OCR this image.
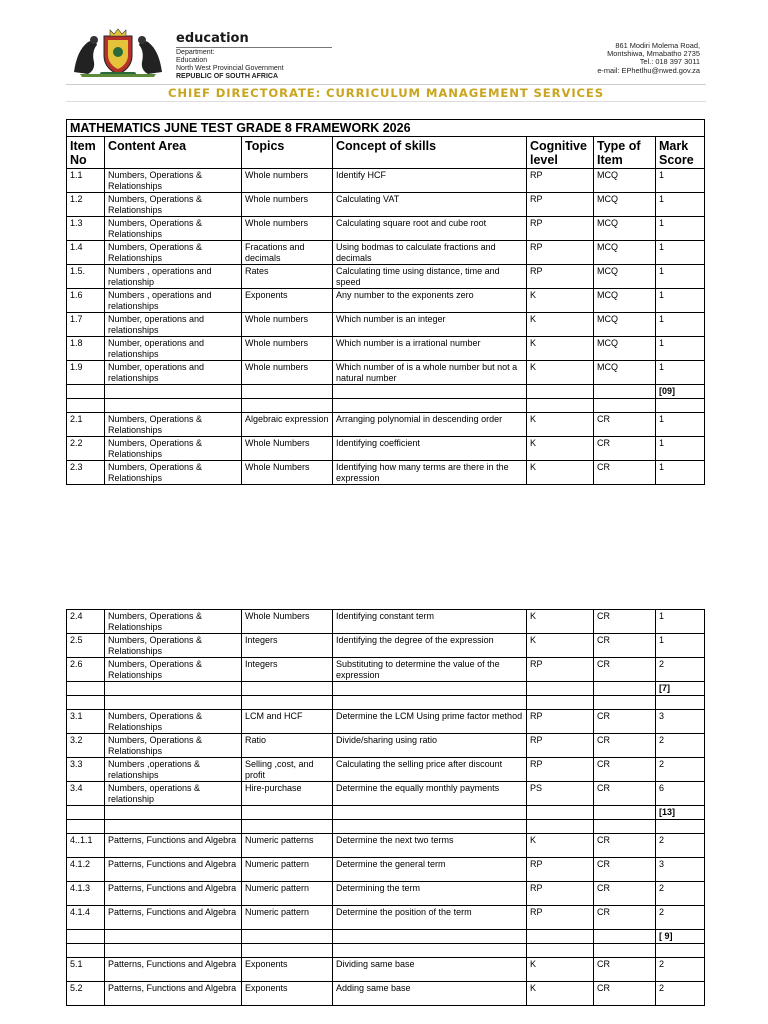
education
Department:
Education
North West Provincial Government
REPUBLIC OF SOUTH AFRICA
861 Modiri Molema Road,
Montshiwa, Mmabatho 2735
Tel.: 018 397 3011
e-mail: EPhetlhu@nwed.gov.za
CHIEF DIRECTORATE: CURRICULUM MANAGEMENT SERVICES
MATHEMATICS JUNE TEST GRADE 8 FRAMEWORK 2026						
Item No	Content Area	Topics	Concept of skills	Cognitive level	Type of Item	Mark Score
1.1	Numbers, Operations & Relationships	Whole numbers	Identify HCF	RP	MCQ	1
1.2	Numbers, Operations & Relationships	Whole numbers	Calculating VAT	RP	MCQ	1
1.3	Numbers, Operations & Relationships	Whole numbers	Calculating square root and cube root	RP	MCQ	1
1.4	Numbers, Operations & Relationships	Fracations and decimals	Using bodmas to calculate fractions and decimals	RP	MCQ	1
1.5.	Numbers , operations and relationship	Rates	Calculating time using distance, time and speed	RP	MCQ	1
1.6	Numbers , operations and relationships	Exponents	Any number to the exponents zero	K	MCQ	1
1.7	Number, operations and relationships	Whole numbers	Which number is an integer	K	MCQ	1
1.8	Number, operations and relationships	Whole numbers	Which number is a irrational number	K	MCQ	1
1.9	Number, operations and relationships	Whole numbers	Which number of is a whole number but not a natural number	K	MCQ	1
						[09]

2.1	Numbers, Operations & Relationships	Algebraic expression	Arranging polynomial in descending order	K	CR	1
2.2	Numbers, Operations & Relationships	Whole Numbers	Identifying coefficient	K	CR	1
2.3	Numbers, Operations & Relationships	Whole Numbers	Identifying how many terms are there in the expression	K	CR	1
2.4	Numbers, Operations & Relationships	Whole Numbers	Identifying constant term	K	CR	1
2.5	Numbers, Operations & Relationships	Integers	Identifying the degree of the expression	K	CR	1
2.6	Numbers, Operations & Relationships	Integers	Substituting to determine the value of the expression	RP	CR	2
						[7]

3.1	Numbers, Operations & Relationships	LCM and HCF	Determine the LCM Using prime factor method	RP	CR	3
3.2	Numbers, Operations & Relationships	Ratio	Divide/sharing using ratio	RP	CR	2
3.3	Numbers ,operations & relationships	Selling ,cost, and profit	Calculating the selling price after discount	RP	CR	2
3.4	Numbers, operations & relationship	Hire-purchase	Determine the equally monthly payments	PS	CR	6
						[13]

4..1.1	Patterns, Functions and Algebra	Numeric patterns	Determine the next two terms	K	CR	2
4.1.2	Patterns, Functions and Algebra	Numeric pattern	Determine the general term	RP	CR	3
4.1.3	Patterns, Functions and Algebra	Numeric pattern	Determining the term	RP	CR	2
4.1.4	Patterns, Functions and Algebra	Numeric pattern	Determine the position of the term	RP	CR	2
						[ 9]

5.1	Patterns, Functions and Algebra	Exponents	Dividing same base	K	CR	2
5.2	Patterns, Functions and Algebra	Exponents	Adding same base	K	CR	2
